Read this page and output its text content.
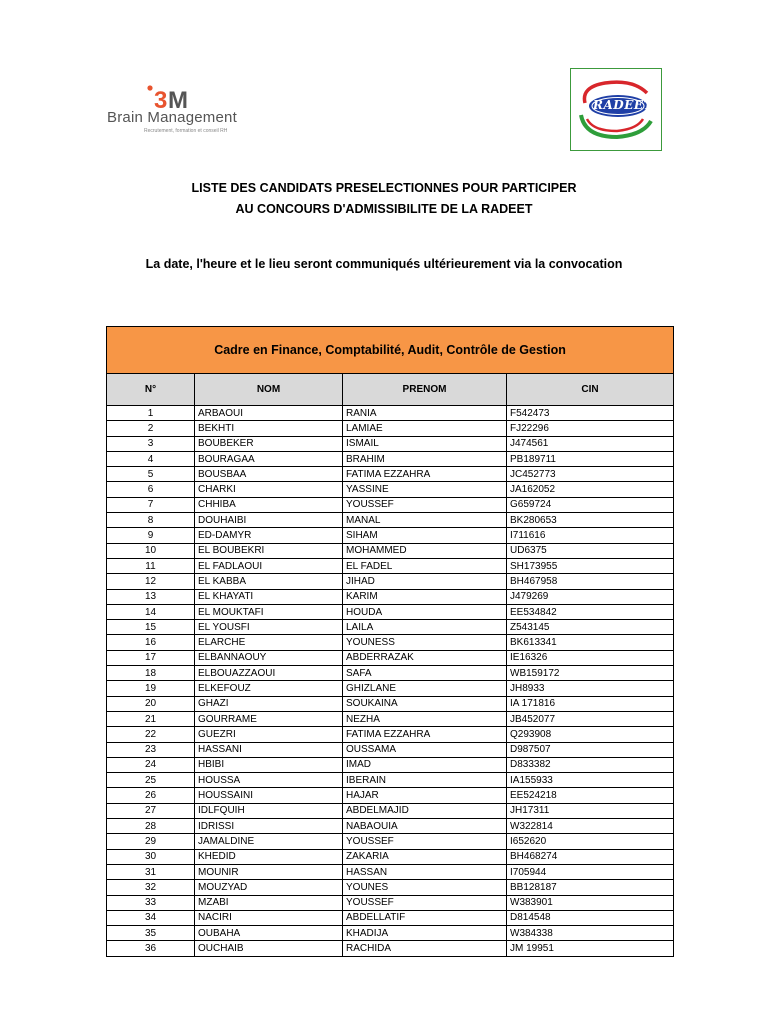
3 M
Brain Management
Recrutement, formation et conseil RH
RADEET
LISTE DES CANDIDATS PRESELECTIONNES POUR PARTICIPER
AU CONCOURS D'ADMISSIBILITE DE LA RADEET
La date, l'heure et le lieu seront communiqués ultérieurement via la convocation
Cadre en Finance, Comptabilité, Audit, Contrôle de Gestion			
N°	NOM	PRENOM	CIN
1	ARBAOUI	RANIA	F542473
2	BEKHTI	LAMIAE	FJ22296
3	BOUBEKER	ISMAIL	J474561
4	BOURAGAA	BRAHIM	PB189711
5	BOUSBAA	FATIMA EZZAHRA	JC452773
6	CHARKI	YASSINE	JA162052
7	CHHIBA	YOUSSEF	G659724
8	DOUHAIBI	MANAL	BK280653
9	ED-DAMYR	SIHAM	I711616
10	EL BOUBEKRI	MOHAMMED	UD6375
11	EL FADLAOUI	EL FADEL	SH173955
12	EL KABBA	JIHAD	BH467958
13	EL KHAYATI	KARIM	J479269
14	EL MOUKTAFI	HOUDA	EE534842
15	EL YOUSFI	LAILA	Z543145
16	ELARCHE	YOUNESS	BK613341
17	ELBANNAOUY	ABDERRAZAK	IE16326
18	ELBOUAZZAOUI	SAFA	WB159172
19	ELKEFOUZ	GHIZLANE	JH8933
20	GHAZI	SOUKAINA	IA 171816
21	GOURRAME	NEZHA	JB452077
22	GUEZRI	FATIMA EZZAHRA	Q293908
23	HASSANI	OUSSAMA	D987507
24	HBIBI	IMAD	D833382
25	HOUSSA	IBERAIN	IA155933
26	HOUSSAINI	HAJAR	EE524218
27	IDLFQUIH	ABDELMAJID	JH17311
28	IDRISSI	NABAOUIA	W322814
29	JAMALDINE	YOUSSEF	I652620
30	KHEDID	ZAKARIA	BH468274
31	MOUNIR	HASSAN	I705944
32	MOUZYAD	YOUNES	BB128187
33	MZABI	YOUSSEF	W383901
34	NACIRI	ABDELLATIF	D814548
35	OUBAHA	KHADIJA	W384338
36	OUCHAIB	RACHIDA	JM 19951
